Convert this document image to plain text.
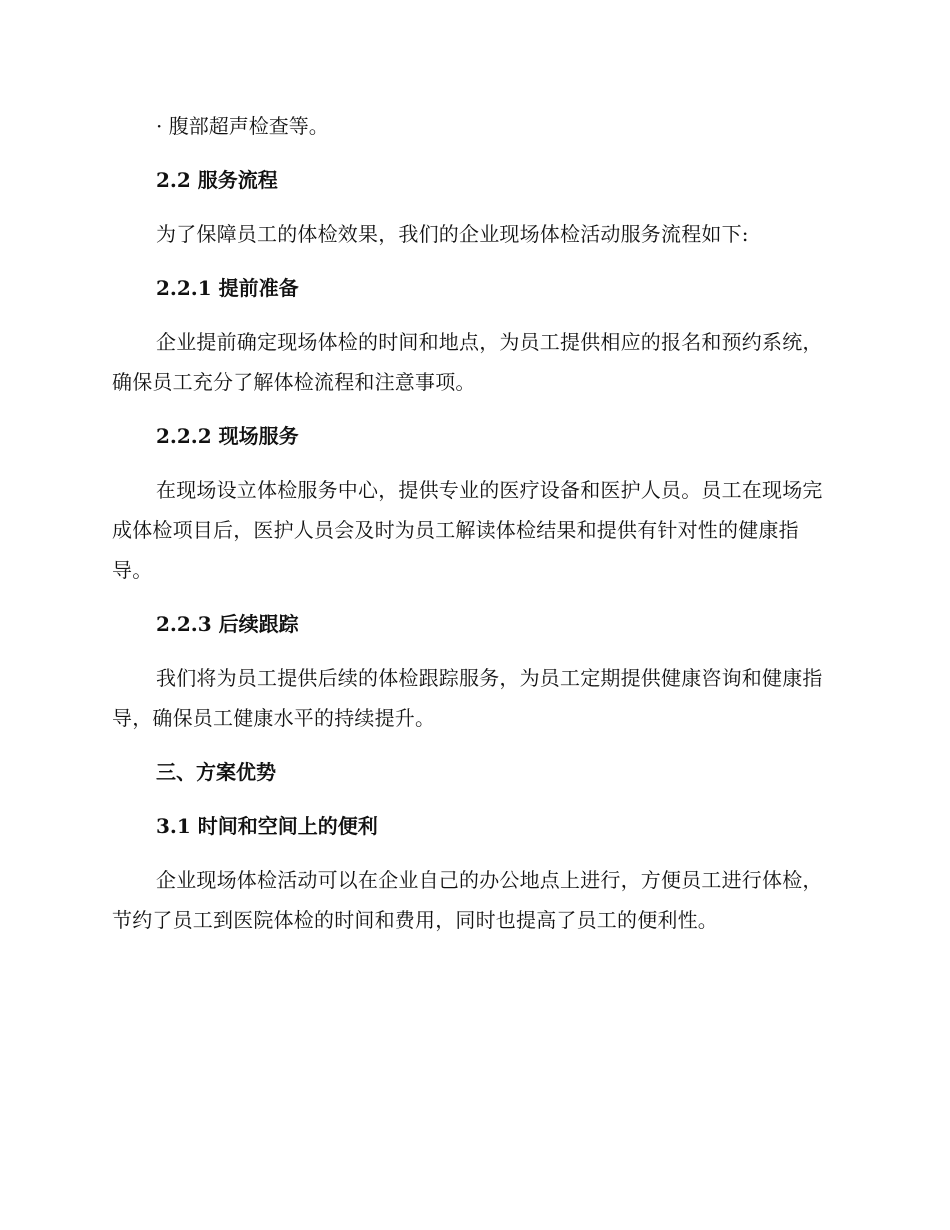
· 腹部超声检查等。

2.2 服务流程

为了保障员工的体检效果，我们的企业现场体检活动服务流程如下:

2.2.1 提前准备

企业提前确定现场体检的时间和地点，为员工提供相应的报名和预约系统，确保员工充分了解体检流程和注意事项。

2.2.2 现场服务

在现场设立体检服务中心，提供专业的医疗设备和医护人员。员工在现场完成体检项目后，医护人员会及时为员工解读体检结果和提供有针对性的健康指导。

2.2.3 后续跟踪

我们将为员工提供后续的体检跟踪服务，为员工定期提供健康咨询和健康指导，确保员工健康水平的持续提升。

三、方案优势

3.1 时间和空间上的便利

企业现场体检活动可以在企业自己的办公地点上进行，方便员工进行体检，节约了员工到医院体检的时间和费用，同时也提高了员工的便利性。
